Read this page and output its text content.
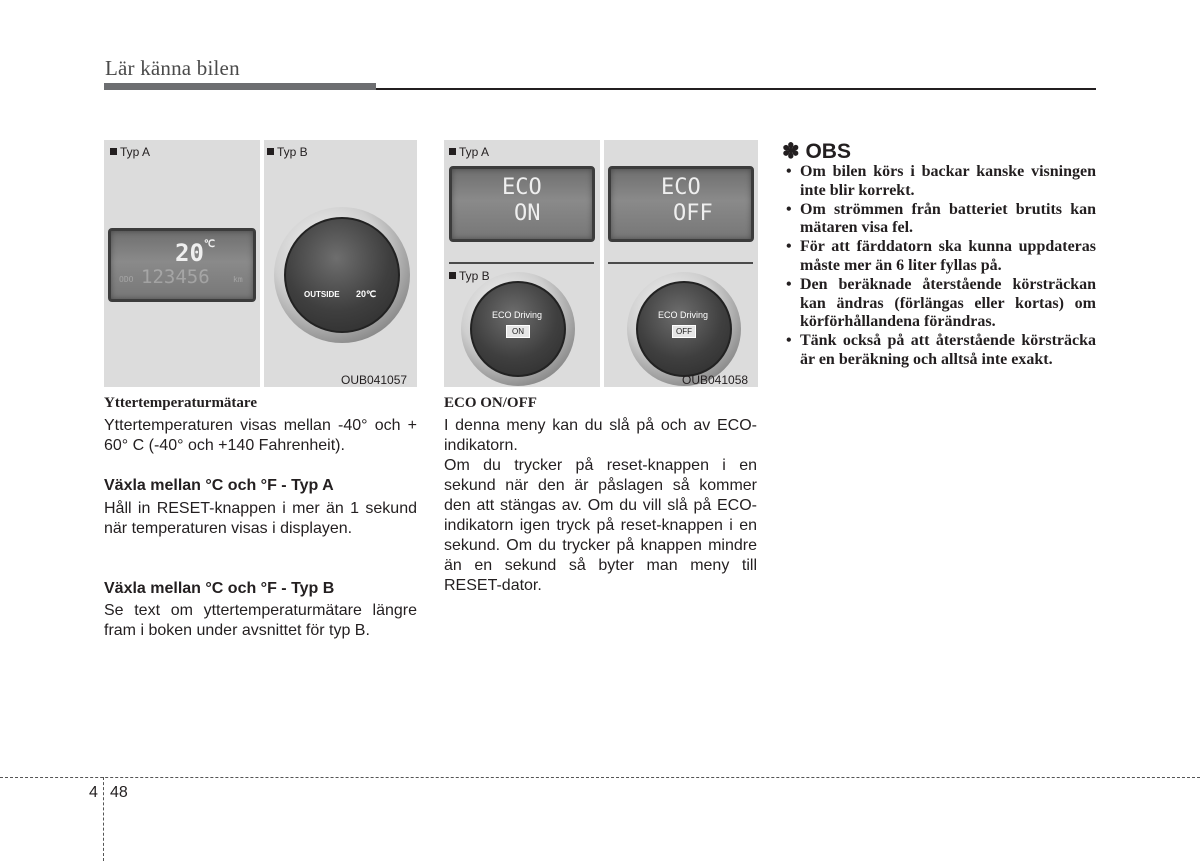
Lär känna bilen
Typ A	Typ B
20℃
ODO 123456	km
OUTSIDE 20℃
OUB041057
Typ A
ECO
ON
ECO
OFF
Typ B
ECO Driving
ON
ECO Driving
OFF
OUB041058
Yttertemperaturmätare
Yttertemperaturen visas mellan -40° och + 60° C (-40° och +140 Fahrenheit).
Växla mellan °C och °F - Typ A
Håll in RESET-knappen i mer än 1 sekund när temperaturen visas i displayen.
Växla mellan °C och °F - Typ B
Se text om yttertemperaturmätare längre fram i boken under avsnittet för typ B.
ECO ON/OFF
I denna meny kan du slå på och av ECO-indikatorn.
Om du trycker på reset-knappen i en sekund när den är påslagen så kommer den att stängas av. Om du vill slå på ECO-indikatorn igen tryck på reset-knappen i en sekund. Om du trycker på knappen mindre än en sekund så byter man meny till RESET-dator.
✽ OBS
• Om bilen körs i backar kanske visningen inte blir korrekt.
• Om strömmen från batteriet brutits kan mätaren visa fel.
• För att färddatorn ska kunna uppdateras måste mer än 6 liter fyllas på.
• Den beräknade återstående körsträckan kan ändras (förlängas eller kortas) om körförhållandena förändras.
• Tänk också på att återstående körsträcka är en beräkning och alltså inte exakt.
4 48
